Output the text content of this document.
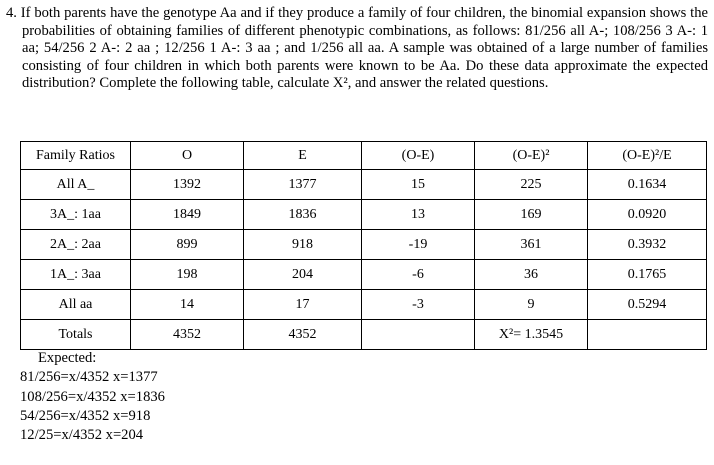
4. If both parents have the genotype Aa and if they produce a family of four children, the binomial expansion shows the probabilities of obtaining families of different phenotypic combinations, as follows: 81/256 all A-; 108/256 3 A-: 1 aa; 54/256 2 A-: 2 aa ; 12/256 1 A-: 3 aa ; and 1/256 all aa. A sample was obtained of a large number of families consisting of four children in which both parents were known to be Aa. Do these data approximate the expected distribution? Complete the following table, calculate X², and answer the related questions.

Family Ratios	O	E	(O-E)	(O-E)²	(O-E)²/E
All A_	1392	1377	15	225	0.1634
3A_: 1aa	1849	1836	13	169	0.0920
2A_: 2aa	899	918	-19	361	0.3932
1A_: 3aa	198	204	-6	36	0.1765
All aa	14	17	-3	9	0.5294
Totals	4352	4352		X²= 1.3545	
Expected:
81/256=x/4352 x=1377
108/256=x/4352 x=1836
54/256=x/4352 x=918
12/25=x/4352 x=204
